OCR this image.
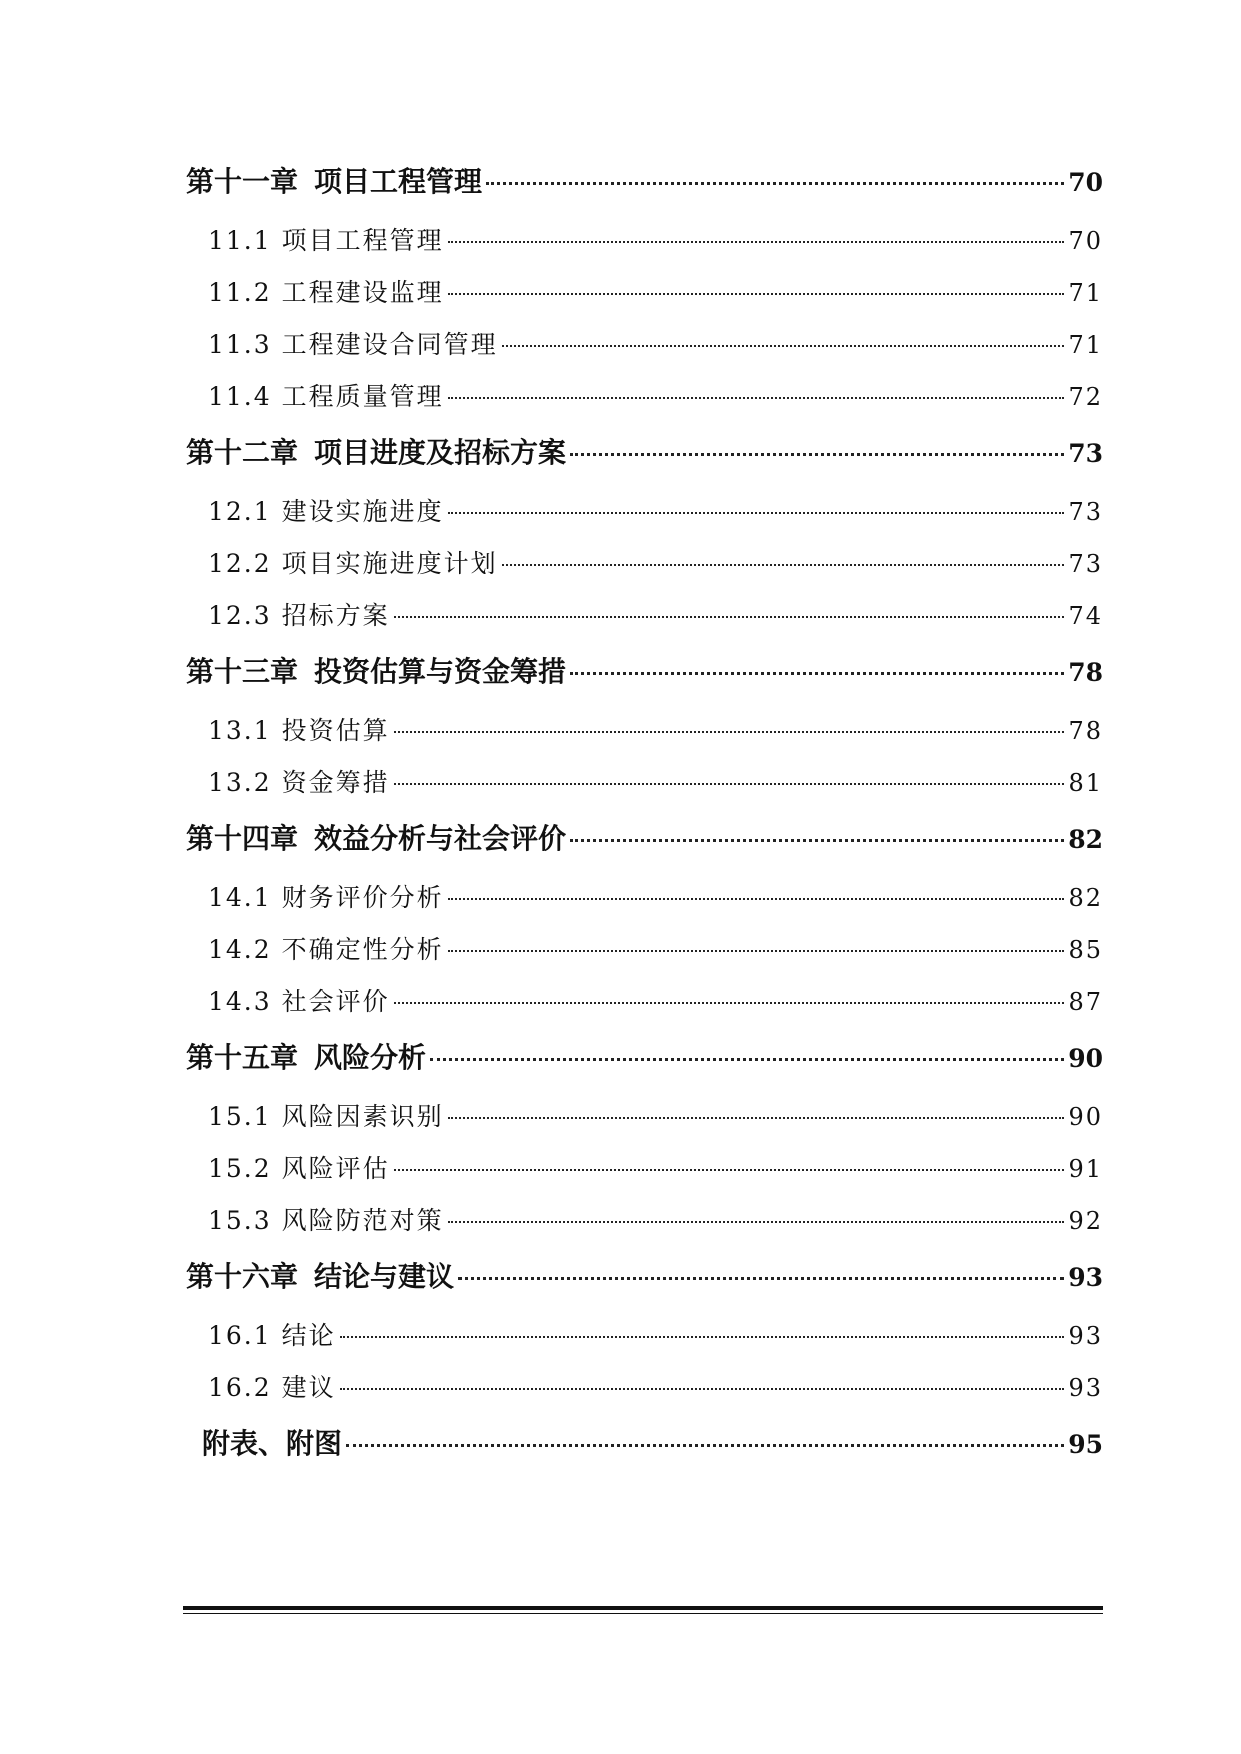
第十一章 项目工程管理	70
11.1 项目工程管理	70
11.2 工程建设监理	71
11.3 工程建设合同管理	71
11.4 工程质量管理	72
第十二章 项目进度及招标方案	73
12.1 建设实施进度	73
12.2 项目实施进度计划	73
12.3 招标方案	74
第十三章 投资估算与资金筹措	78
13.1 投资估算	78
13.2 资金筹措	81
第十四章 效益分析与社会评价	82
14.1 财务评价分析	82
14.2 不确定性分析	85
14.3 社会评价	87
第十五章 风险分析	90
15.1 风险因素识别	90
15.2 风险评估	91
15.3 风险防范对策	92
第十六章 结论与建议	93
16.1 结论	93
16.2 建议	93
附表、附图	95
